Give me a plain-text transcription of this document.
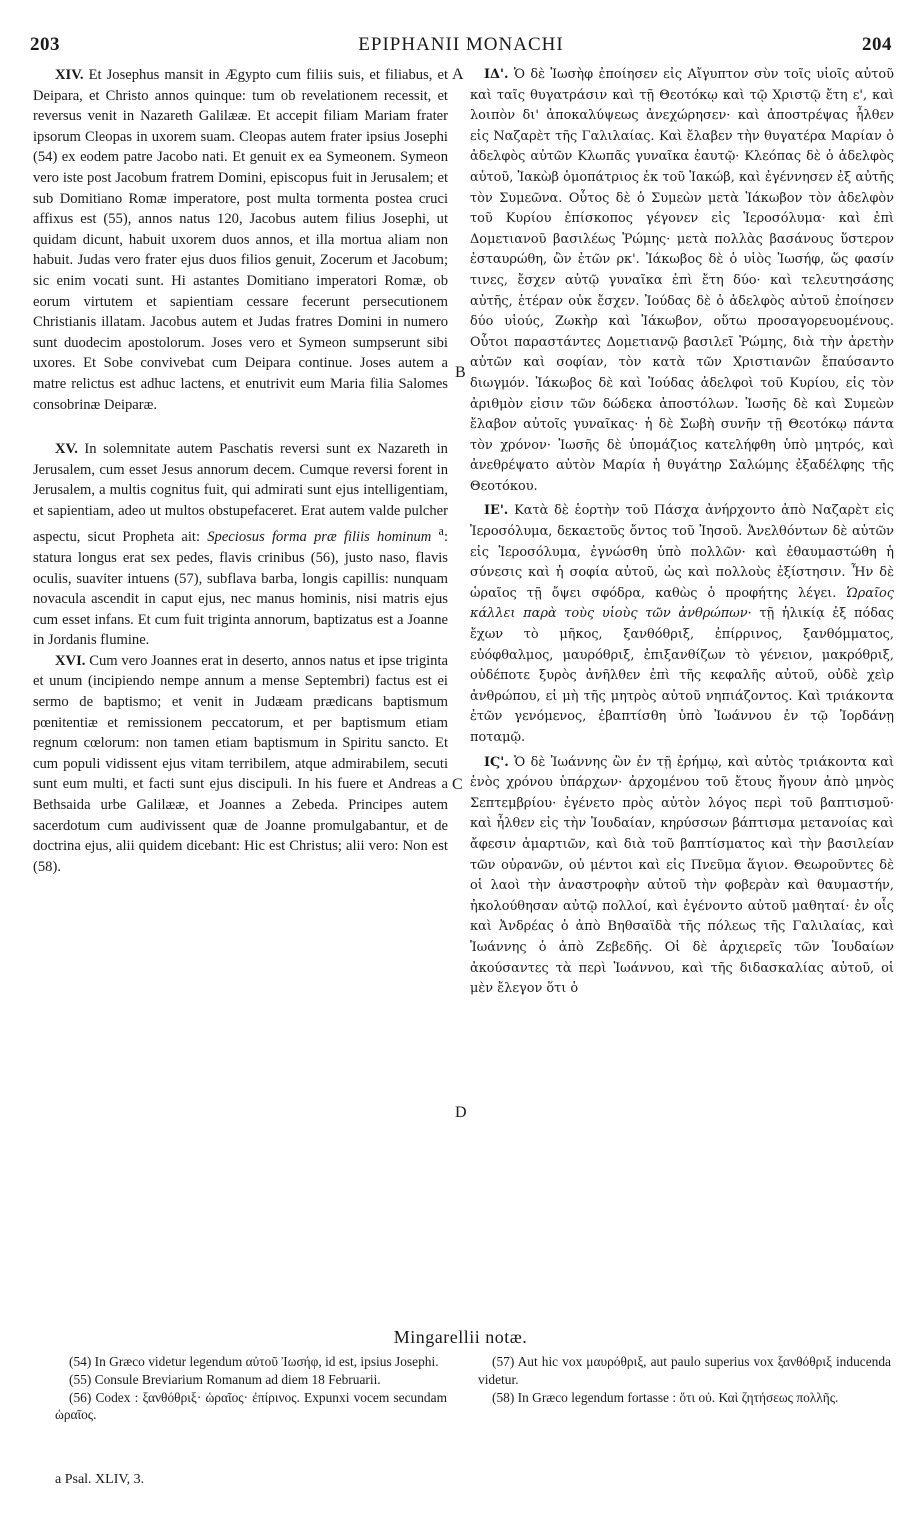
203	EPIPHANII MONACHI	204
A
B
C
D

XIV. Et Josephus mansit in Ægypto cum filiis suis, et filiabus, et Deipara, et Christo annos quinque: tum ob revelationem recessit, et reversus venit in Nazareth Galilææ. Et accepit filiam Mariam frater ipsorum Cleopas in uxorem suam. Cleopas autem frater ipsius Josephi (54) ex eodem patre Jacobo nati. Et genuit ex ea Symeonem. Symeon vero iste post Jacobum fratrem Domini, episcopus fuit in Jerusalem; et sub Domitiano Romæ imperatore, post multa tormenta postea cruci affixus est (55), annos natus 120, Jacobus autem filius Josephi, ut quidam dicunt, habuit uxorem duos annos, et illa mortua aliam non habuit. Judas vero frater ejus duos filios genuit, Zocerum et Jacobum; sic enim vocati sunt. Hi astantes Domitiano imperatori Romæ, ob eorum virtutem et sapientiam cessare fecerunt persecutionem Christianis illatam. Jacobus autem et Judas fratres Domini in numero sunt duodecim apostolorum. Joses vero et Symeon sumpserunt sibi uxores. Et Sobe convivebat cum Deipara continue. Joses autem a matre relictus est adhuc lactens, et enutrivit eum Maria filia Salomes consobrinæ Deiparæ.

XV. In solemnitate autem Paschatis reversi sunt ex Nazareth in Jerusalem, cum esset Jesus annorum decem. Cumque reversi forent in Jerusalem, a multis cognitus fuit, qui admirati sunt ejus intelligentiam, et sapientiam, adeo ut multos obstupefaceret. Erat autem valde pulcher aspectu, sicut Propheta ait: Speciosus forma præ filiis hominum $^a$: statura longus erat sex pedes, flavis crinibus (56), justo naso, flavis oculis, suaviter intuens (57), subflava barba, longis capillis: nunquam novacula ascendit in caput ejus, nec manus hominis, nisi matris ejus cum esset infans. Et cum fuit triginta annorum, baptizatus est a Joanne in Jordanis flumine.

XVI. Cum vero Joannes erat in deserto, annos natus et ipse triginta et unum (incipiendo nempe annum a mense Septembri) factus est ei sermo de baptismo; et venit in Judæam prædicans baptismum pœnitentiæ et remissionem peccatorum, et per baptismum etiam regnum cœlorum: non tamen etiam baptismum in Spiritu sancto. Et cum populi vidissent ejus vitam terribilem, atque admirabilem, secuti sunt eum multi, et facti sunt ejus discipuli. In his fuere et Andreas a Bethsaida urbe Galilææ, et Joannes a Zebeda. Principes autem sacerdotum cum audivissent quæ de Joanne promulgabantur, et de doctrina ejus, alii quidem dicebant: Hic est Christus; alii vero: Non est (58).

ΙΔ'. Ὁ δὲ Ἰωσὴφ ἐποίησεν εἰς Αἴγυπτον σὺν τοῖς υἱοῖς αὐτοῦ καὶ ταῖς θυγατράσιν καὶ τῇ Θεοτόκῳ καὶ τῷ Χριστῷ ἔτη ε', καὶ λοιπὸν δι' ἀποκαλύψεως ἀνεχώρησεν· καὶ ἀποστρέψας ἦλθεν εἰς Ναζαρὲτ τῆς Γαλιλαίας. Καὶ ἔλαβεν τὴν θυγατέρα Μαρίαν ὁ ἀδελφὸς αὐτῶν Κλωπᾶς γυναῖκα ἑαυτῷ· Κλεόπας δὲ ὁ ἀδελφὸς αὐτοῦ, Ἰακὼβ ὁμοπάτριος ἐκ τοῦ Ἰακώβ, καὶ ἐγέννησεν ἐξ αὐτῆς τὸν Συμεῶνα. Οὗτος δὲ ὁ Συμεὼν μετὰ Ἰάκωβον τὸν ἀδελφὸν τοῦ Κυρίου ἐπίσκοπος γέγονεν εἰς Ἱεροσόλυμα· καὶ ἐπὶ Δομετιανοῦ βασιλέως Ῥώμης· μετὰ πολλὰς βασάνους ὕστερον ἐσταυρώθη, ὢν ἐτῶν ρκ'. Ἰάκωβος δὲ ὁ υἱὸς Ἰωσήφ, ὥς φασίν τινες, ἔσχεν αὐτῷ γυναῖκα ἐπὶ ἔτη δύο· καὶ τελευτησάσης αὐτῆς, ἑτέραν οὐκ ἔσχεν. Ἰούδας δὲ ὁ ἀδελφὸς αὐτοῦ ἐποίησεν δύο υἱούς, Ζωκὴρ καὶ Ἰάκωβον, οὕτω προσαγορευομένους. Οὗτοι παραστάντες Δομετιανῷ βασιλεῖ Ῥώμης, διὰ τὴν ἀρετὴν αὐτῶν καὶ σοφίαν, τὸν κατὰ τῶν Χριστιανῶν ἔπαύσαντο διωγμόν. Ἰάκωβος δὲ καὶ Ἰούδας ἀδελφοὶ τοῦ Κυρίου, εἰς τὸν ἀριθμὸν εἰσιν τῶν δώδεκα ἀποστόλων. Ἰωσῆς δὲ καὶ Συμεὼν ἔλαβον αὐτοῖς γυναῖκας· ἡ δὲ Σωβὴ συνῆν τῇ Θεοτόκῳ πάντα τὸν χρόνον· Ἰωσῆς δὲ ὑπομάζιος κατελήφθη ὑπὸ μητρός, καὶ ἀνεθρέψατο αὐτὸν Μαρία ἡ θυγάτηρ Σαλώμης ἐξαδέλφης τῆς Θεοτόκου.

ΙΕ'. Κατὰ δὲ ἑορτὴν τοῦ Πάσχα ἀνήρχοντο ἀπὸ Ναζαρὲτ εἰς Ἱεροσόλυμα, δεκαετοῦς ὄντος τοῦ Ἰησοῦ. Ἀνελθόντων δὲ αὐτῶν εἰς Ἱεροσόλυμα, ἐγνώσθη ὑπὸ πολλῶν· καὶ ἐθαυμαστώθη ἡ σύνεσις καὶ ἡ σοφία αὐτοῦ, ὡς καὶ πολλοὺς ἐξίστησιν. Ἦν δὲ ὡραῖος τῇ ὄψει σφόδρα, καθὼς ὁ προφήτης λέγει. Ὡραῖος κάλλει παρὰ τοὺς υἱοὺς τῶν ἀνθρώπων· τῇ ἡλικίᾳ ἐξ πόδας ἔχων τὸ μῆκος, ξανθόθριξ, ἐπίρρινος, ξανθόμματος, εὐόφθαλμος, μαυρόθριξ, ἐπιξανθίζων τὸ γένειον, μακρόθριξ, οὐδέποτε ξυρὸς ἀνῆλθεν ἐπὶ τῆς κεφαλῆς αὐτοῦ, οὐδὲ χεὶρ ἀνθρώπου, εἰ μὴ τῆς μητρὸς αὐτοῦ νηπιάζοντος. Καὶ τριάκοντα ἐτῶν γενόμενος, ἐβαπτίσθη ὑπὸ Ἰωάννου ἐν τῷ Ἰορδάνῃ ποταμῷ.

ΙϚ'. Ὁ δὲ Ἰωάννης ὢν ἐν τῇ ἐρήμῳ, καὶ αὐτὸς τριάκοντα καὶ ἑνὸς χρόνου ὑπάρχων· ἀρχομένου τοῦ ἔτους ἤγουν ἀπὸ μηνὸς Σεπτεμβρίου· ἐγένετο πρὸς αὐτὸν λόγος περὶ τοῦ βαπτισμοῦ· καὶ ἦλθεν εἰς τὴν Ἰουδαίαν, κηρύσσων βάπτισμα μετανοίας καὶ ἄφεσιν ἁμαρτιῶν, καὶ διὰ τοῦ βαπτίσματος καὶ τὴν βασιλείαν τῶν οὐρανῶν, οὐ μέντοι καὶ εἰς Πνεῦμα ἅγιον. Θεωροῦντες δὲ οἱ λαοὶ τὴν ἀναστροφὴν αὐτοῦ τὴν φοβερὰν καὶ θαυμαστήν, ἠκολούθησαν αὐτῷ πολλοί, καὶ ἐγένοντο αὐτοῦ μαθηταί· ἐν οἷς καὶ Ἀνδρέας ὁ ἀπὸ Βηθσαϊδὰ τῆς πόλεως τῆς Γαλιλαίας, καὶ Ἰωάννης ὁ ἀπὸ Ζεβεδῆς. Οἱ δὲ ἀρχιερεῖς τῶν Ἰουδαίων ἀκούσαντες τὰ περὶ Ἰωάννου, καὶ τῆς διδασκαλίας αὐτοῦ, οἱ μὲν ἔλεγον ὅτι ὁ

Mingarellii notæ.

(54) In Græco videtur legendum αὐτοῦ Ἰωσήφ, id est, ipsius Josephi.

(55) Consule Breviarium Romanum ad diem 18 Februarii.

(56) Codex : ξανθόθριξ· ὡραῖος· ἐπίρινος. Expunxi vocem secundam ὡραῖος.

(57) Aut hic vox μαυρόθριξ, aut paulo superius vox ξανθόθριξ inducenda videtur.

(58) In Græco legendum fortasse : ὅτι οὐ. Καὶ ζητήσεως πολλῆς.

a Psal. XLIV, 3.
